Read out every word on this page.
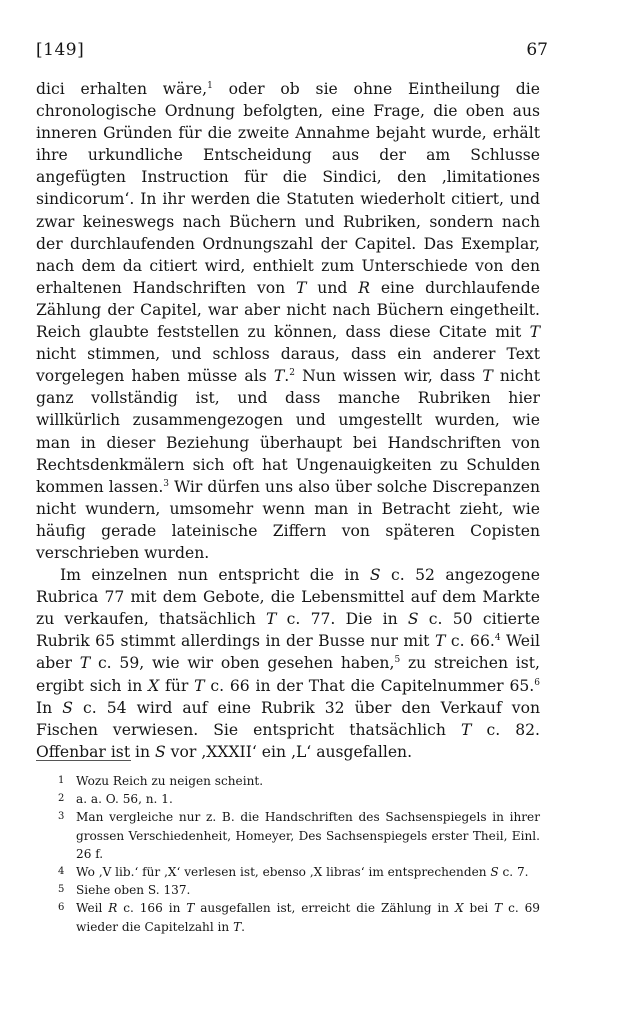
[149]	67

dici erhalten wäre,$^1$ oder ob sie ohne Eintheilung die chronologische Ordnung befolgten, eine Frage, die oben aus inneren Gründen für die zweite Annahme bejaht wurde, erhält ihre urkundliche Entscheidung aus der am Schlusse angefügten Instruction für die Sindici, den ‚limitationes sindicorum‘. In ihr werden die Statuten wiederholt citiert, und zwar keineswegs nach Büchern und Rubriken, sondern nach der durchlaufenden Ordnungszahl der Capitel. Das Exemplar, nach dem da citiert wird, enthielt zum Unterschiede von den erhaltenen Handschriften von T und R eine durchlaufende Zählung der Capitel, war aber nicht nach Büchern eingetheilt. Reich glaubte feststellen zu können, dass diese Citate mit T nicht stimmen, und schloss daraus, dass ein anderer Text vorgelegen haben müsse als T.$^2$ Nun wissen wir, dass T nicht ganz vollständig ist, und dass manche Rubriken hier willkürlich zusammengezogen und umgestellt wurden, wie man in dieser Beziehung überhaupt bei Handschriften von Rechtsdenkmälern sich oft hat Ungenauigkeiten zu Schulden kommen lassen.$^3$ Wir dürfen uns also über solche Discrepanzen nicht wundern, umsomehr wenn man in Betracht zieht, wie häufig gerade lateinische Ziffern von späteren Copisten verschrieben wurden.

Im einzelnen nun entspricht die in S c. 52 angezogene Rubrica 77 mit dem Gebote, die Lebensmittel auf dem Markte zu verkaufen, thatsächlich T c. 77. Die in S c. 50 citierte Rubrik 65 stimmt allerdings in der Busse nur mit T c. 66.$^4$ Weil aber T c. 59, wie wir oben gesehen haben,$^5$ zu streichen ist, ergibt sich in X für T c. 66 in der That die Capitelnummer 65.$^6$ In S c. 54 wird auf eine Rubrik 32 über den Verkauf von Fischen verwiesen. Sie entspricht thatsächlich T c. 82. Offenbar ist in S vor ‚XXXII‘ ein ‚L‘ ausgefallen.

1 Wozu Reich zu neigen scheint.
2 a. a. O. 56, n. 1.
3 Man vergleiche nur z. B. die Handschriften des Sachsenspiegels in ihrer grossen Verschiedenheit, Homeyer, Des Sachsenspiegels erster Theil, Einl. 26 f.
4 Wo ‚V lib.‘ für ‚X‘ verlesen ist, ebenso ‚X libras‘ im entsprechenden S c. 7.
5 Siehe oben S. 137.
6 Weil R c. 166 in T ausgefallen ist, erreicht die Zählung in X bei T c. 69 wieder die Capitelzahl in T.
